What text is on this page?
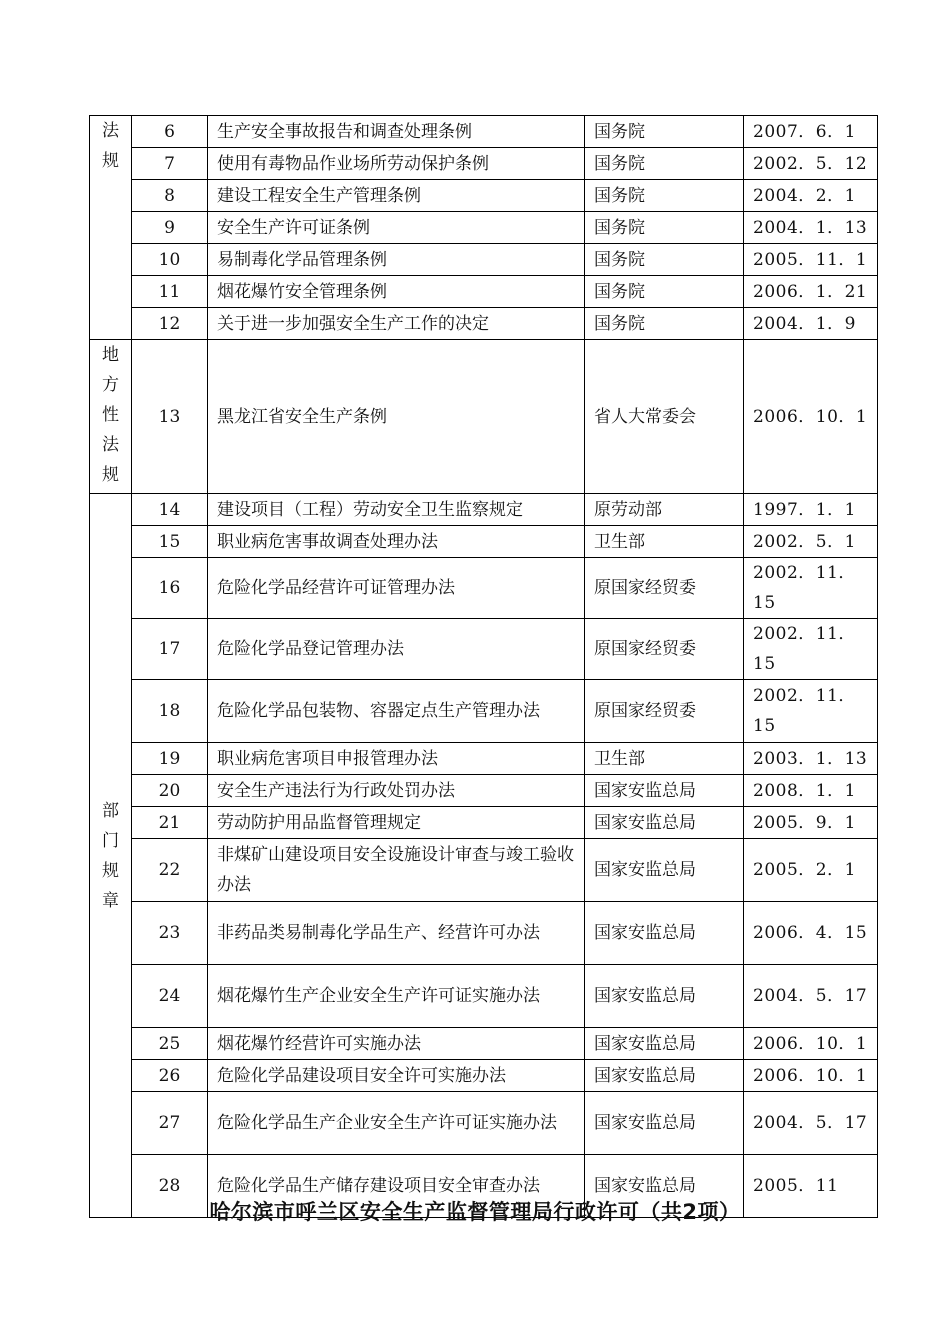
法规	6	生产安全事故报告和调查处理条例	国务院	2007．6．1
	7	使用有毒物品作业场所劳动保护条例	国务院	2002．5．12
	8	建设工程安全生产管理条例	国务院	2004．2．1
	9	安全生产许可证条例	国务院	2004．1．13
	10	易制毒化学品管理条例	国务院	2005．11．1
	11	烟花爆竹安全管理条例	国务院	2006．1．21
	12	关于进一步加强安全生产工作的决定	国务院	2004．1．9

地方性法规	13	黑龙江省安全生产条例	省人大常委会	2006．10．1

部门规章	14	建设项目（工程）劳动安全卫生监察规定	原劳动部	1997．1．1
	15	职业病危害事故调查处理办法	卫生部	2002．5．1
	16	危险化学品经营许可证管理办法	原国家经贸委	2002．11．15
	17	危险化学品登记管理办法	原国家经贸委	2002．11．15
	18	危险化学品包装物、容器定点生产管理办法	原国家经贸委	2002．11．15
	19	职业病危害项目申报管理办法	卫生部	2003．1．13
	20	安全生产违法行为行政处罚办法	国家安监总局	2008．1．1
	21	劳动防护用品监督管理规定	国家安监总局	2005．9．1
	22	非煤矿山建设项目安全设施设计审查与竣工验收办法	国家安监总局	2005．2．1
	23	非药品类易制毒化学品生产、经营许可办法	国家安监总局	2006．4．15
	24	烟花爆竹生产企业安全生产许可证实施办法	国家安监总局	2004．5．17
	25	烟花爆竹经营许可实施办法	国家安监总局	2006．10．1
	26	危险化学品建设项目安全许可实施办法	国家安监总局	2006．10．1
	27	危险化学品生产企业安全生产许可证实施办法	国家安监总局	2004．5．17
	28	危险化学品生产储存建设项目安全审查办法	国家安监总局	2005．11
哈尔滨市呼兰区安全生产监督管理局行政许可（共2项）
